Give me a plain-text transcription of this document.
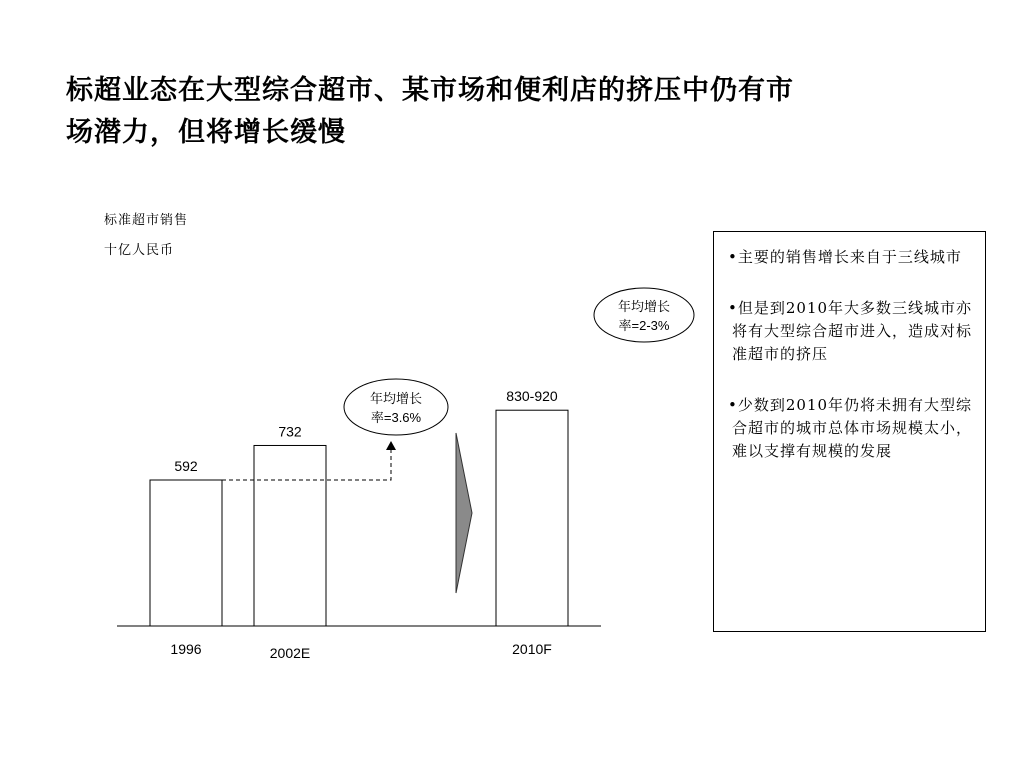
标超业态在大型综合超市、某市场和便利店的挤压中仍有市
场潜力，但将增长缓慢
标准超市销售
十亿人民币
592
1996
732
2002E
830-920
2010F
年均增长
率=3.6%
年均增长
率=2-3%
• 主要的销售增长来自于三线城市
• 但是到2010年大多数三线城市亦将有大型综合超市进入，造成对标准超市的挤压
• 少数到2010年仍将未拥有大型综合超市的城市总体市场规模太小，难以支撑有规模的发展
